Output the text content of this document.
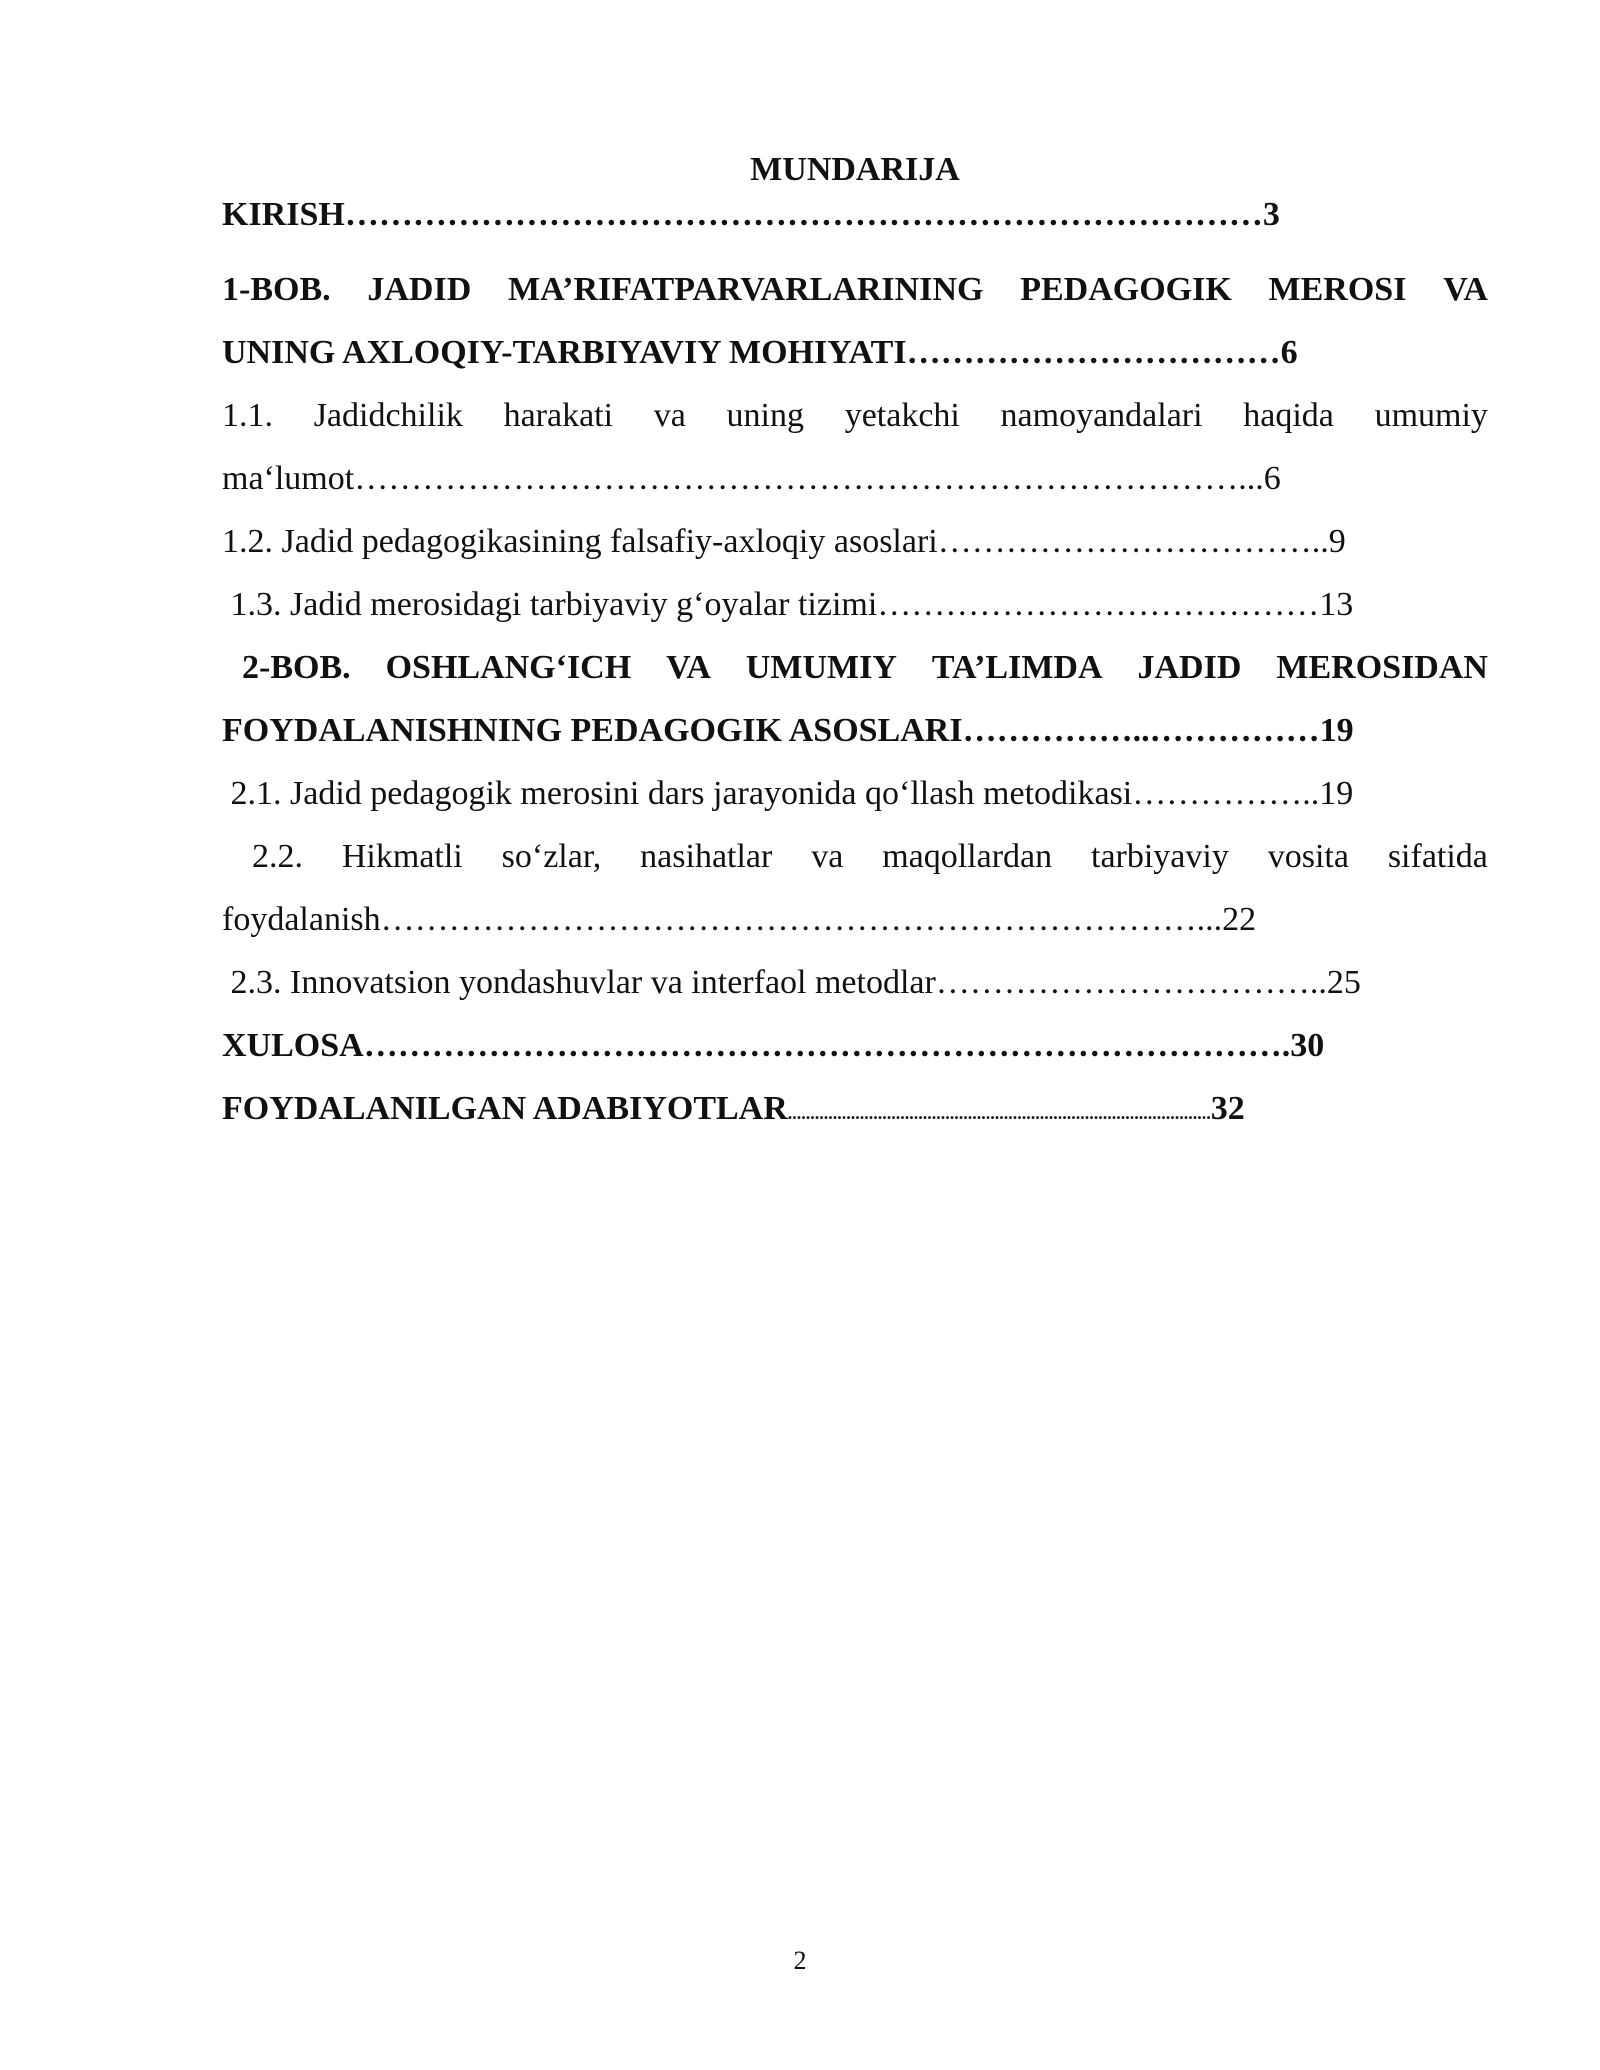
MUNDARIJA

KIRISH………………………………………………………………………3

1-BOB. JADID MA’RIFATPARVARLARINING PEDAGOGIK MEROSI VA

UNING AXLOQIY-TARBIYAVIY MOHIYATI……………………………6

1.1. Jadidchilik harakati va uning yetakchi namoyandalari haqida umumiy

ma‘lumot……………………………………………………………………...6

1.2. Jadid pedagogikasining falsafiy-axloqiy asoslari……………………………..9

1.3. Jadid merosidagi tarbiyaviy g‘oyalar tizimi…………………………………13

2-BOB. OSHLANG‘ICH VA UMUMIY TA’LIMDA JADID MEROSIDAN

FOYDALANISHNING PEDAGOGIK ASOSLARI……………..……………19

2.1. Jadid pedagogik merosini dars jarayonida qo‘llash metodikasi……………..19

2.2. Hikmatli so‘zlar, nasihatlar va maqollardan tarbiyaviy vosita sifatida

foydalanish………………………………………………………………...22

2.3. Innovatsion yondashuvlar va interfaol metodlar……………………………..25

XULOSA……………………………………………………………………….30

FOYDALANILGAN ADABIYOTLAR..............................................................................................32

2
